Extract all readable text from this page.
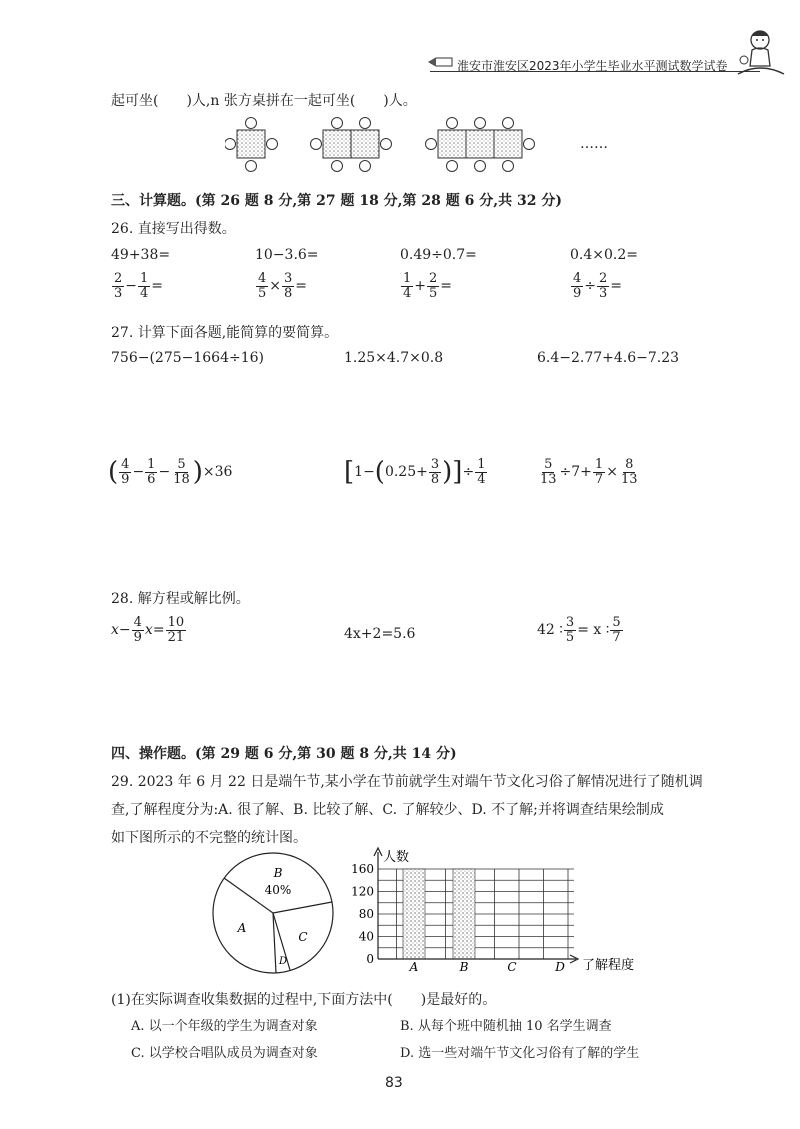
淮安市淮安区2023年小学生毕业水平测试数学试卷
起可坐(　　)人,n 张方桌拼在一起可坐(　　)人。
……
三、计算题。(第 26 题 8 分,第 27 题 18 分,第 28 题 6 分,共 32 分)
26. 直接写出得数。
49+38=	10−3.6=	0.49÷0.7=	0.4×0.2=
$\frac{2}{3} - \frac{1}{4}$ =	$\frac{4}{5} \times \frac{3}{8}$ =	$\frac{1}{4} + \frac{2}{5}$ =	$\frac{4}{9} \div \frac{2}{3}$ =
27. 计算下面各题,能简算的要简算。
756−(275−1664÷16)	1.25×4.7×0.8	6.4−2.77+4.6−7.23
( $\frac{4}{9} - \frac{1}{6} - \frac{5}{18}$ ) ×36	[ 1− ( $0.25+ \frac{3}{8}$ ) ] ÷ $\frac{1}{4}$	$\frac{5}{13} \div 7+ \frac{1}{7} \times \frac{8}{13}$
28. 解方程或解比例。
$x - \frac{4}{9}$ $x = \frac{10}{21}$	4x+2=5.6	42 ∶ $\frac{3}{5} = x$ ∶ $\frac{5}{7}$
四、操作题。(第 29 题 6 分,第 30 题 8 分,共 14 分)
29. 2023 年 6 月 22 日是端午节,某小学在节前就学生对端午节文化习俗了解情况进行了随机调
查,了解程度分为:A. 很了解、B. 比较了解、C. 了解较少、D. 不了解;并将调查结果绘制成
如下图所示的不完整的统计图。
B
40%
A
C
D
人数
了解程度
0
40
80
120
160
A	B	C	D
(1)在实际调查收集数据的过程中,下面方法中(　　)是最好的。
A. 以一个年级的学生为调查对象	B. 从每个班中随机抽 10 名学生调查
C. 以学校合唱队成员为调查对象	D. 选一些对端午节文化习俗有了解的学生
83
